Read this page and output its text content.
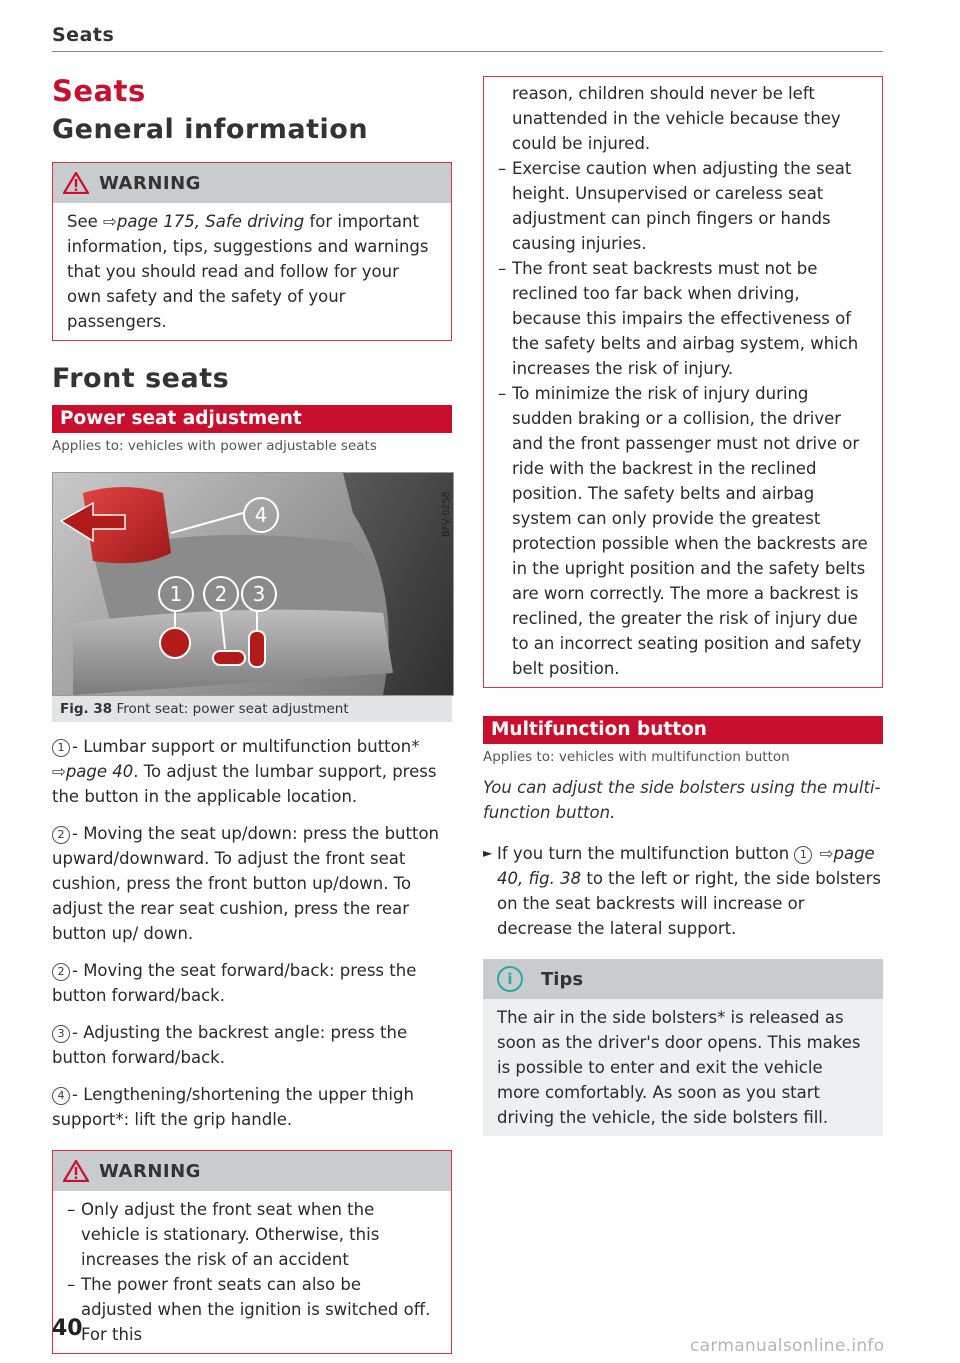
Seats
Seats
General information
WARNING

See ⇨page 175, Safe driving for important information, tips, suggestions and warnings that you should read and follow for your own safety and the safety of your passengers.

Front seats
Power seat adjustment
Applies to: vehicles with power adjustable seats
BFV-0258
1	2	3
4
Fig. 38 Front seat: power seat adjustment

1 - Lumbar support or multifunction button* ⇨page 40. To adjust the lumbar support, press the button in the applicable location.

2 - Moving the seat up/down: press the button upward/downward. To adjust the front seat cushion, press the front button up/down. To adjust the rear seat cushion, press the rear button up/ down.

2 - Moving the seat forward/back: press the button forward/back.

3 - Adjusting the backrest angle: press the button forward/back.

4 - Lengthening/shortening the upper thigh support*: lift the grip handle.

WARNING
– Only adjust the front seat when the vehicle is stationary. Otherwise, this increases the risk of an accident
– The power front seats can also be adjusted when the ignition is switched off. For this
reason, children should never be left unattended in the vehicle because they could be injured.
– Exercise caution when adjusting the seat height. Unsupervised or careless seat adjustment can pinch fingers or hands causing injuries.
– The front seat backrests must not be reclined too far back when driving, because this impairs the effectiveness of the safety belts and airbag system, which increases the risk of injury.
– To minimize the risk of injury during sudden braking or a collision, the driver and the front passenger must not drive or ride with the backrest in the reclined position. The safety belts and airbag system can only provide the greatest protection possible when the backrests are in the upright position and the safety belts are worn correctly. The more a backrest is reclined, the greater the risk of injury due to an incorrect seating position and safety belt position.
Multifunction button
Applies to: vehicles with multifunction button
You can adjust the side bolsters using the multi-function button.
► If you turn the multifunction button 1 ⇨page 40, fig. 38 to the left or right, the side bolsters on the seat backrests will increase or decrease the lateral support.
i	Tips
The air in the side bolsters* is released as soon as the driver's door opens. This makes is possible to enter and exit the vehicle more comfortably. As soon as you start driving the vehicle, the side bolsters fill.
40
carmanualsonline.info
